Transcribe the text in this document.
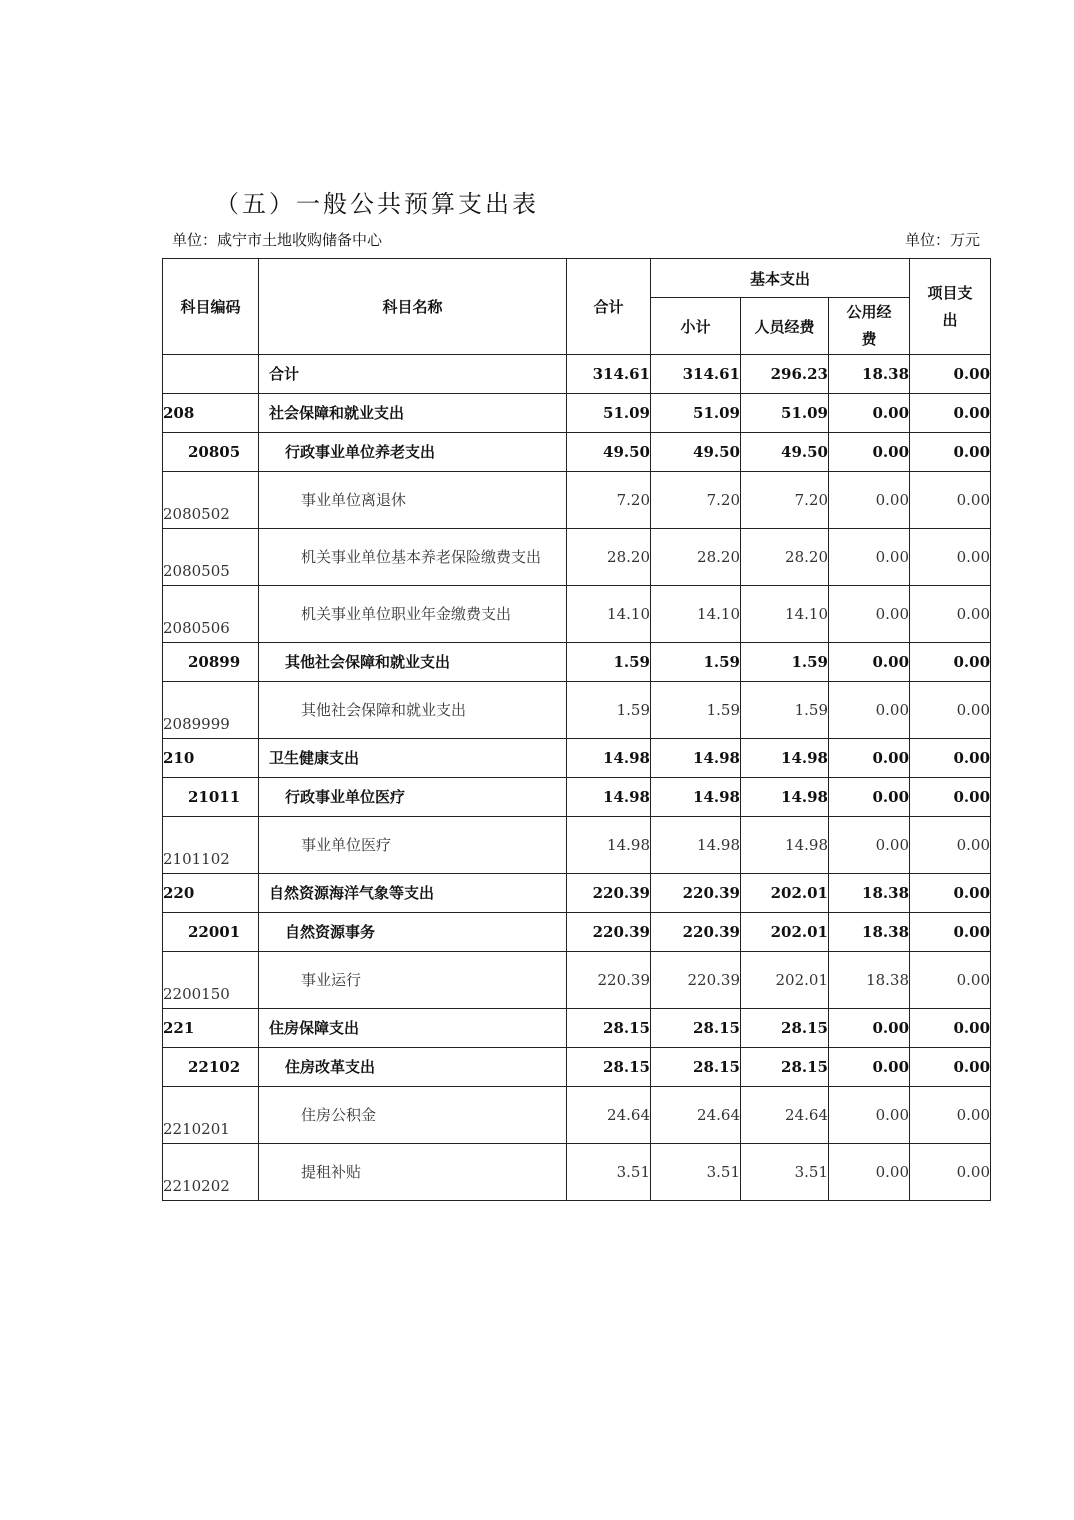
（五）一般公共预算支出表
单位：咸宁市土地收购储备中心	单位：万元
科目编码	科目名称	合计	基本支出			项目支出

			小计	人员经费	公用经费	

	合计	314.61	314.61	296.23	18.38	0.00
208	社会保障和就业支出	51.09	51.09	51.09	0.00	0.00
20805	行政事业单位养老支出	49.50	49.50	49.50	0.00	0.00
2080502	事业单位离退休	7.20	7.20	7.20	0.00	0.00
2080505	机关事业单位基本养老保险缴费支出	28.20	28.20	28.20	0.00	0.00
2080506	机关事业单位职业年金缴费支出	14.10	14.10	14.10	0.00	0.00
20899	其他社会保障和就业支出	1.59	1.59	1.59	0.00	0.00
2089999	其他社会保障和就业支出	1.59	1.59	1.59	0.00	0.00
210	卫生健康支出	14.98	14.98	14.98	0.00	0.00
21011	行政事业单位医疗	14.98	14.98	14.98	0.00	0.00
2101102	事业单位医疗	14.98	14.98	14.98	0.00	0.00
220	自然资源海洋气象等支出	220.39	220.39	202.01	18.38	0.00
22001	自然资源事务	220.39	220.39	202.01	18.38	0.00
2200150	事业运行	220.39	220.39	202.01	18.38	0.00
221	住房保障支出	28.15	28.15	28.15	0.00	0.00
22102	住房改革支出	28.15	28.15	28.15	0.00	0.00
2210201	住房公积金	24.64	24.64	24.64	0.00	0.00
2210202	提租补贴	3.51	3.51	3.51	0.00	0.00
